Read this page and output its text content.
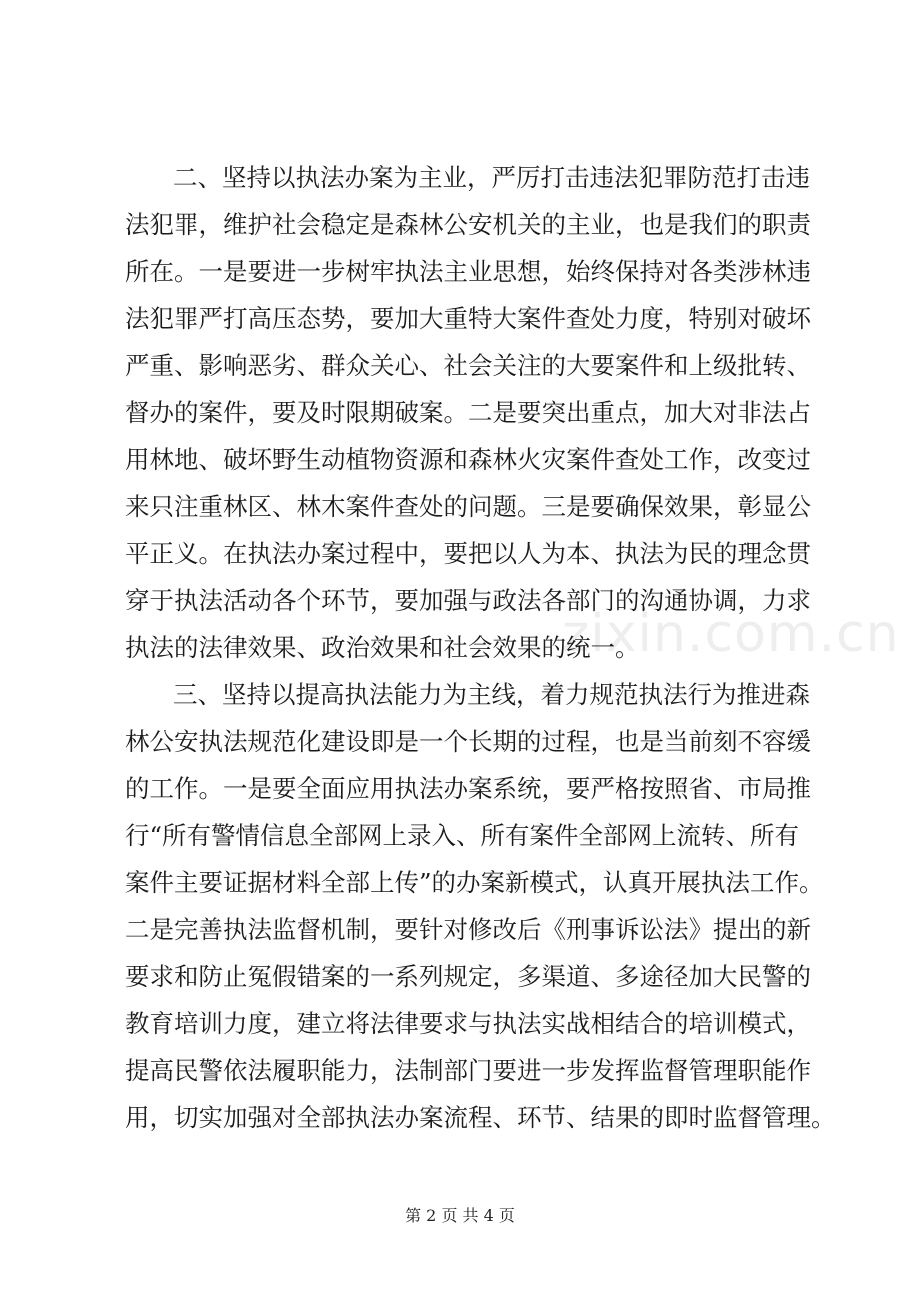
zixin.com.cn
二、坚持以执法办案为主业，严厉打击违法犯罪防范打击违
法犯罪，维护社会稳定是森林公安机关的主业，也是我们的职责
所在。一是要进一步树牢执法主业思想，始终保持对各类涉林违
法犯罪严打高压态势，要加大重特大案件查处力度，特别对破坏
严重、影响恶劣、群众关心、社会关注的大要案件和上级批转、
督办的案件，要及时限期破案。二是要突出重点，加大对非法占
用林地、破坏野生动植物资源和森林火灾案件查处工作，改变过
来只注重林区、林木案件查处的问题。三是要确保效果，彰显公
平正义。在执法办案过程中，要把以人为本、执法为民的理念贯
穿于执法活动各个环节，要加强与政法各部门的沟通协调，力求
执法的法律效果、政治效果和社会效果的统一。
三、坚持以提高执法能力为主线，着力规范执法行为推进森
林公安执法规范化建设即是一个长期的过程，也是当前刻不容缓
的工作。一是要全面应用执法办案系统，要严格按照省、市局推
行“所有警情信息全部网上录入、所有案件全部网上流转、所有
案件主要证据材料全部上传”的办案新模式，认真开展执法工作。
二是完善执法监督机制，要针对修改后《刑事诉讼法》提出的新
要求和防止冤假错案的一系列规定，多渠道、多途径加大民警的
教育培训力度，建立将法律要求与执法实战相结合的培训模式，
提高民警依法履职能力，法制部门要进一步发挥监督管理职能作
用，切实加强对全部执法办案流程、环节、结果的即时监督管理。
第 2 页 共 4 页
